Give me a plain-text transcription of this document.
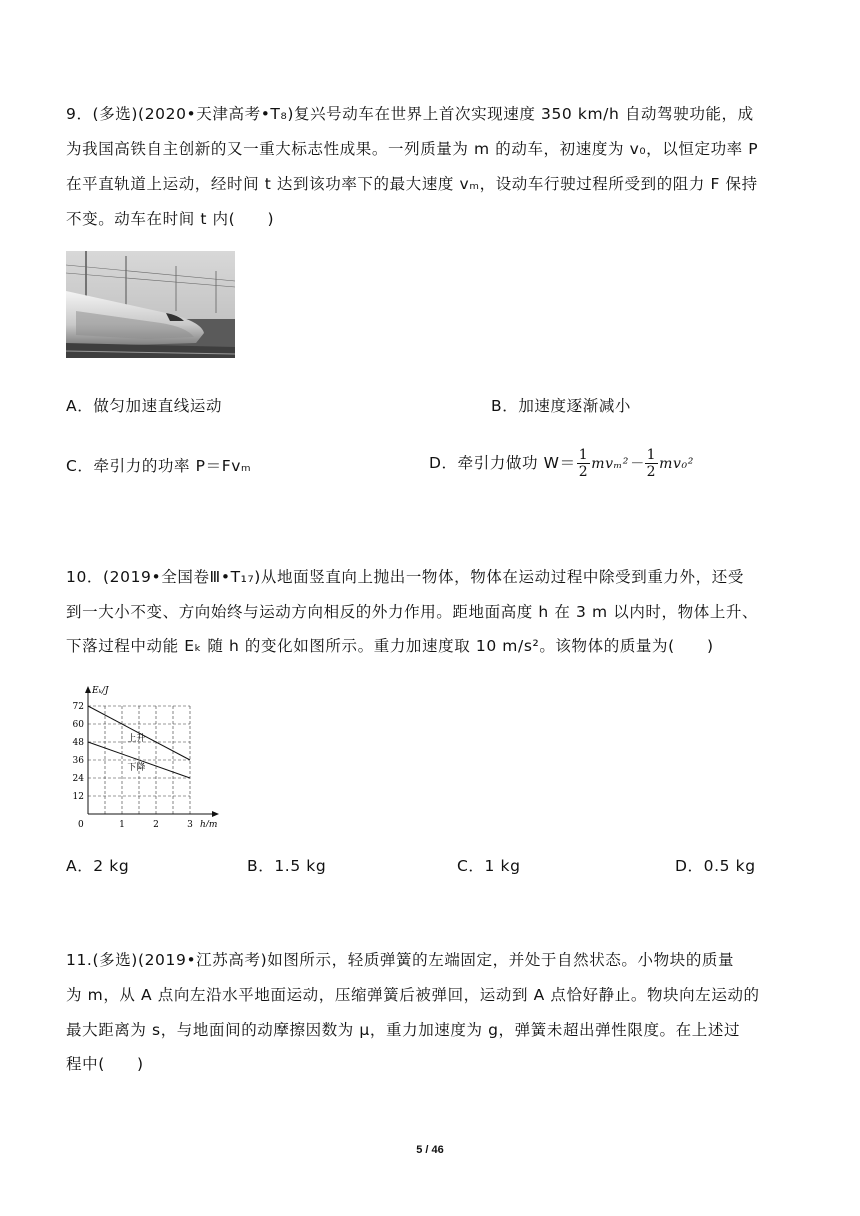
9．(多选)(2020•天津高考•T₈)复兴号动车在世界上首次实现速度 350 km/h 自动驾驶功能，成
为我国高铁自主创新的又一重大标志性成果。一列质量为 m 的动车，初速度为 v₀，以恒定功率 P
在平直轨道上运动，经时间 t 达到该功率下的最大速度 vₘ，设动车行驶过程所受到的阻力 F 保持
不变。动车在时间 t 内(　　)
A．做匀加速直线运动	B．加速度逐渐减小
C．牵引力的功率 P＝Fvₘ	D．牵引力做功 $W= \frac{1}{2} mv_m^2- \frac{1}{2} mv_0^2$
10．(2019•全国卷Ⅲ•T₁₇)从地面竖直向上抛出一物体，物体在运动过程中除受到重力外，还受
到一大小不变、方向始终与运动方向相反的外力作用。距地面高度 h 在 3 m 以内时，物体上升、
下落过程中动能 Eₖ 随 h 的变化如图所示。重力加速度取 10 m/s²。该物体的质量为(　　)
Eₖ/J
h/m
0
12
24
36
48
60
72
1	2	3
上升
下降
A．2 kg	B．1.5 kg	C．1 kg	D．0.5 kg
11.(多选)(2019•江苏高考)如图所示，轻质弹簧的左端固定，并处于自然状态。小物块的质量
为 m，从 A 点向左沿水平地面运动，压缩弹簧后被弹回，运动到 A 点恰好静止。物块向左运动的
最大距离为 s，与地面间的动摩擦因数为 μ，重力加速度为 g，弹簧未超出弹性限度。在上述过
程中(　　)
5 / 46
